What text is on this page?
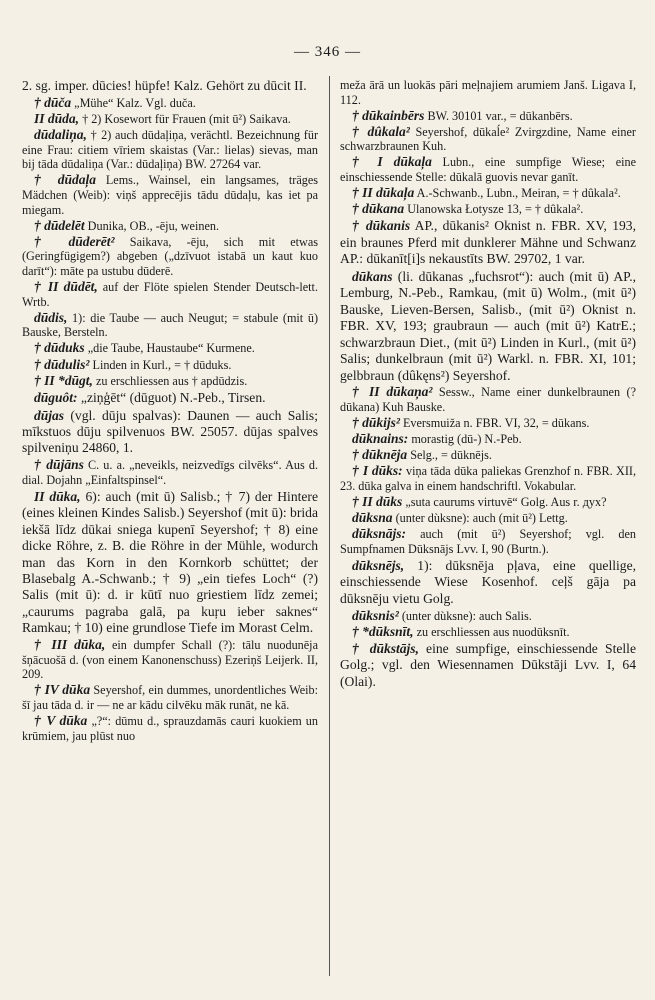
— 346 —

2. sg. imper. dūcies! hüpfe! Kalz. Gehört zu dūcit II.

† dūča „Mühe“ Kalz. Vgl. duča.

II dūda, † 2) Kosewort für Frauen (mit ū²) Saikava.

dūdaliņa, † 2) auch dūdaļiņa, verächtl. Bezeichnung für eine Frau: citiem vīriem skaistas (Var.: lielas) sievas, man bij tāda dūdaliņa (Var.: dūdaļiņa) BW. 27264 var.

† dūdaļa Lems., Wainsel, ein langsames, träges Mädchen (Weib): viņš apprecējis tādu dūdaļu, kas iet pa miegam.

† dūdelēt Dunika, OB., -ēju, weinen.

† dūderēt² Saikava, -ēju, sich mit etwas (Geringfügigem?) abgeben („dzīvuot istabā un kaut kuo darīt“): māte pa ustubu dūderē.

† II dūdēt, auf der Flöte spielen Stender Deutsch-lett. Wrtb.

dūdis, 1): die Taube — auch Neugut; = stabule (mit ū) Bauske, Bersteln.

† dūduks „die Taube, Haustaube“ Kurmene.

† dūdulis² Linden in Kurl., = † dūduks.

† II *dūgt, zu erschliessen aus † apdūdzis.

dūguôt: „ziņģēt“ (dūguot) N.-Peb., Tirsen.

dūjas (vgl. dūju spalvas): Daunen — auch Salis; mīkstuos dūju spilvenuos BW. 25057. dūjas spalves spilveniņu 24860, 1.

† dūjāns C. u. a. „neveikls, neizvedīgs cilvēks“. Aus d. dial. Dojahn „Einfaltspinsel“.

II dūka, 6): auch (mit ū) Salisb.; † 7) der Hintere (eines kleinen Kindes Salisb.) Seyershof (mit ū): brida iekšā līdz dūkai sniega kupenī Seyershof; † 8) eine dicke Röhre, z. B. die Röhre in der Mühle, wodurch man das Korn in den Kornkorb schüttet; der Blasebalg A.-Schwanb.; † 9) „ein tiefes Loch“ (?) Salis (mit ū): d. ir kūtī nuo griestiem līdz zemei; „caurums pagraba galā, pa kuŗu ieber saknes“ Ramkau; † 10) eine grundlose Tiefe im Morast Celm.

† III dūka, ein dumpfer Schall (?): tālu nuodunēja šņācuošā d. (von einem Kanonenschuss) Ezeriņš Leijerk. II, 209.

† IV dūka Seyershof, ein dummes, unordentliches Weib: šī jau tāda d. ir — ne ar kādu cilvēku māk runāt, ne kā.

† V dūka „?“: dūmu d., sprauzdamās cauri kuokiem un krūmiem, jau plūst nuo

meža ārā un luokās pāri meļnajiem arumiem Janš. Ligava I, 112.

† dūkainbērs BW. 30101 var., = dūkanbērs.

† dûkala² Seyershof, dūkaĺe² Zvirgzdine, Name einer schwarzbraunen Kuh.

† I dūkaļa Lubn., eine sumpfige Wiese; eine einschiessende Stelle: dūkalā guovis nevar ganīt.

† II dūkaļa A.-Schwanb., Lubn., Meiran, = † dûkala².

† dūkana Ulanowska Łotysze 13, = † dûkala².

† dūkanis AP., dūkanis² Oknist n. FBR. XV, 193, ein braunes Pferd mit dunklerer Mähne und Schwanz AP.: dūkanīt[i]s nekaustīts BW. 29702, 1 var.

dūkans (li. dūkanas „fuchsrot“): auch (mit ū) AP., Lemburg, N.-Peb., Ramkau, (mit ū) Wolm., (mit ū²) Bauske, Lieven-Bersen, Salisb., (mit ū²) Oknist n. FBR. XV, 193; graubraun — auch (mit ū²) KatrE.; schwarzbraun Diet., (mit ū²) Linden in Kurl., (mit ū²) Salis; dunkelbraun (mit ū²) Warkl. n. FBR. XI, 101; gelbbraun (dûkęns²) Seyershof.

† II dūkaņa² Sessw., Name einer dunkelbraunen (? dūkana) Kuh Bauske.

† dūkijs² Eversmuiža n. FBR. VI, 32, = dūkans.

dūknains: morastig (dū-) N.-Peb.

† dūknēja Selg., = dūknējs.

† I dūks: viņa tāda dūka paliekas Grenzhof n. FBR. XII, 23. dūka galva in einem handschriftl. Vokabular.

† II dūks „suta caurums virtuvē“ Golg. Aus r. дух?

dūksna (unter dùksne): auch (mit ū²) Lettg.

dūksnājs: auch (mit ū²) Seyershof; vgl. den Sumpfnamen Dūksnājs Lvv. I, 90 (Burtn.).

dūksnējs, 1): dūksnēja pļava, eine quellige, einschiessende Wiese Kosenhof. ceļš gāja pa dūksnēju vietu Golg.

dūksnis² (unter dùksne): auch Salis.

† *dūksnīt, zu erschliessen aus nuodūksnīt.

† dūkstājs, eine sumpfige, einschiessende Stelle Golg.; vgl. den Wiesennamen Dūkstāji Lvv. I, 64 (Olai).
